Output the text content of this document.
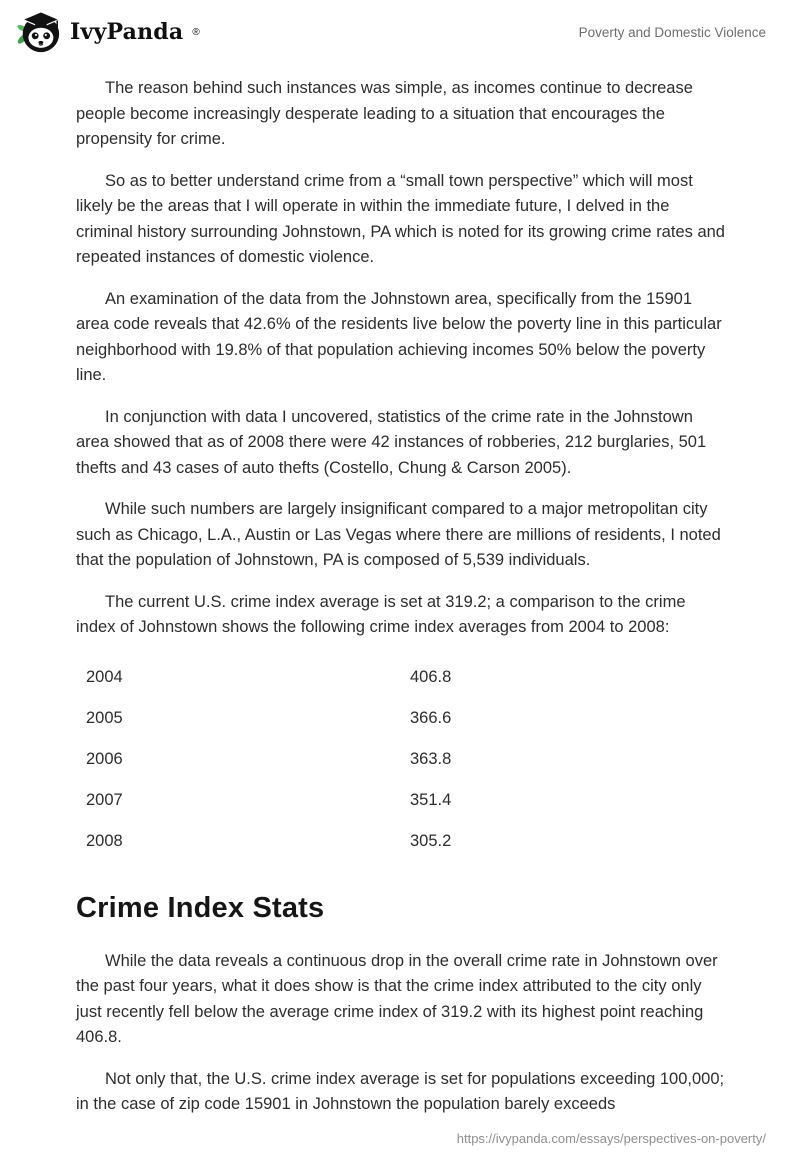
IvyPanda ®	Poverty and Domestic Violence

The reason behind such instances was simple, as incomes continue to decrease people become increasingly desperate leading to a situation that encourages the propensity for crime.

So as to better understand crime from a “small town perspective” which will most likely be the areas that I will operate in within the immediate future, I delved in the criminal history surrounding Johnstown, PA which is noted for its growing crime rates and repeated instances of domestic violence.

An examination of the data from the Johnstown area, specifically from the 15901 area code reveals that 42.6% of the residents live below the poverty line in this particular neighborhood with 19.8% of that population achieving incomes 50% below the poverty line.

In conjunction with data I uncovered, statistics of the crime rate in the Johnstown area showed that as of 2008 there were 42 instances of robberies, 212 burglaries, 501 thefts and 43 cases of auto thefts (Costello, Chung & Carson 2005).

While such numbers are largely insignificant compared to a major metropolitan city such as Chicago, L.A., Austin or Las Vegas where there are millions of residents, I noted that the population of Johnstown, PA is composed of 5,539 individuals.

The current U.S. crime index average is set at 319.2; a comparison to the crime index of Johnstown shows the following crime index averages from 2004 to 2008:

2004	406.8
2005	366.6
2006	363.8
2007	351.4
2008	305.2
Crime Index Stats

While the data reveals a continuous drop in the overall crime rate in Johnstown over the past four years, what it does show is that the crime index attributed to the city only just recently fell below the average crime index of 319.2 with its highest point reaching 406.8.

Not only that, the U.S. crime index average is set for populations exceeding 100,000; in the case of zip code 15901 in Johnstown the population barely exceeds

https://ivypanda.com/essays/perspectives-on-poverty/
